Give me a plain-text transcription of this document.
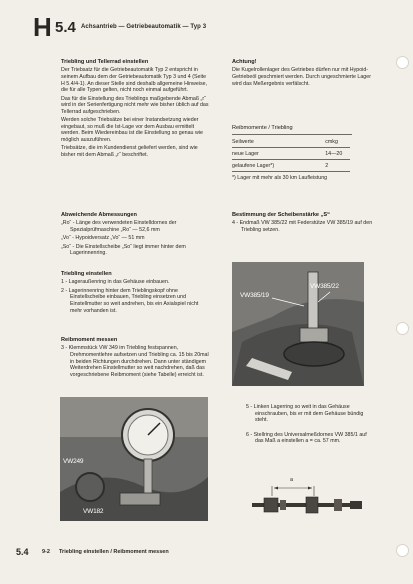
H 5.4 Achsantrieb — Getriebeautomatik — Typ 3

Triebling und Tellerrad einstellen

Der Triebsatz für die Getriebeautomatik Typ 2 entspricht in seinem Aufbau dem der Getriebeautomatik Typ 3 und 4 (Seite H 5.4/4-1). An dieser Stelle sind deshalb allgemeine Hinweise, die für alle Typen gelten, nicht noch einmal aufgeführt.

Das für die Einstellung des Trieblings maßgebende Abmaß „r“ wird in der Serienfertigung nicht mehr wie bisher üblich auf das Tellerrad aufgeschrieben.

Werden solche Triebsätze bei einer Instandsetzung wieder eingebaut, so muß die Ist-Lage vor dem Ausbau ermittelt werden. Beim Wiedereinbau ist die Einstellung so genau wie möglich auszuführen.

Triebsätze, die im Kundendienst geliefert werden, sind wie bisher mit dem Abmaß „r“ beschriftet.

Abweichende Abmessungen

„Ro“ - Länge des verwendeten Einstelldornes der Spezialprüfmaschine „Ro“ — 52,6 mm

„Vo“ - Hypoidversatz „Vo“ — 51 mm

„So“ - Die Einstellscheibe „So“ liegt immer hinter dem Lagerinnenring.

Triebling einstellen

1 - Lageraußenring in das Gehäuse einbauen.

2 - Lagerinnenring hinter dem Trieblingskopf ohne Einstellscheibe einbauen, Triebling einsetzen und Einstellmutter so weit andrehen, bis ein Axialspiel nicht mehr vorhanden ist.

Reibmoment messen

3 - Klemmstück VW 349 im Triebling festspannen, Drehmomentlehre aufsetzen und Triebling ca. 15 bis 20mal in beiden Richtungen durchdrehen. Dann unter ständigem Weiterdrehen Einstellmutter so weit nachdrehen, daß das vorgeschriebene Reibmoment (siehe Tabelle) erreicht ist.

VW249
VW182

Achtung!

Die Kugelrollenlager des Getriebes dürfen nur mit Hypoid-Getriebeöl geschmiert werden. Durch ungeschmierte Lager wird das Meßergebnis verfälscht.

Reibmomente / Triebling

Seilwerte	cmkg
neue Lager	14—20
gelaufene Lager*)	2

*) Lager mit mehr als 30 km Laufleistung

Bestimmung der Scheibenstärke „S“

4 - Endmaß VW 385/22 mit Federstütze VW 385/19 auf den Triebling setzen.

VW385/19
VW385/22

5 - Linken Lagerring so weit in das Gehäuse einschrauben, bis er mit dem Gehäuse bündig steht.

6 - Stellring des Universalmeßdornes VW 385/1 auf das Maß a einstellen a = ca. 57 mm.

a
5.4 9-2 Triebling einstellen / Reibmoment messen
